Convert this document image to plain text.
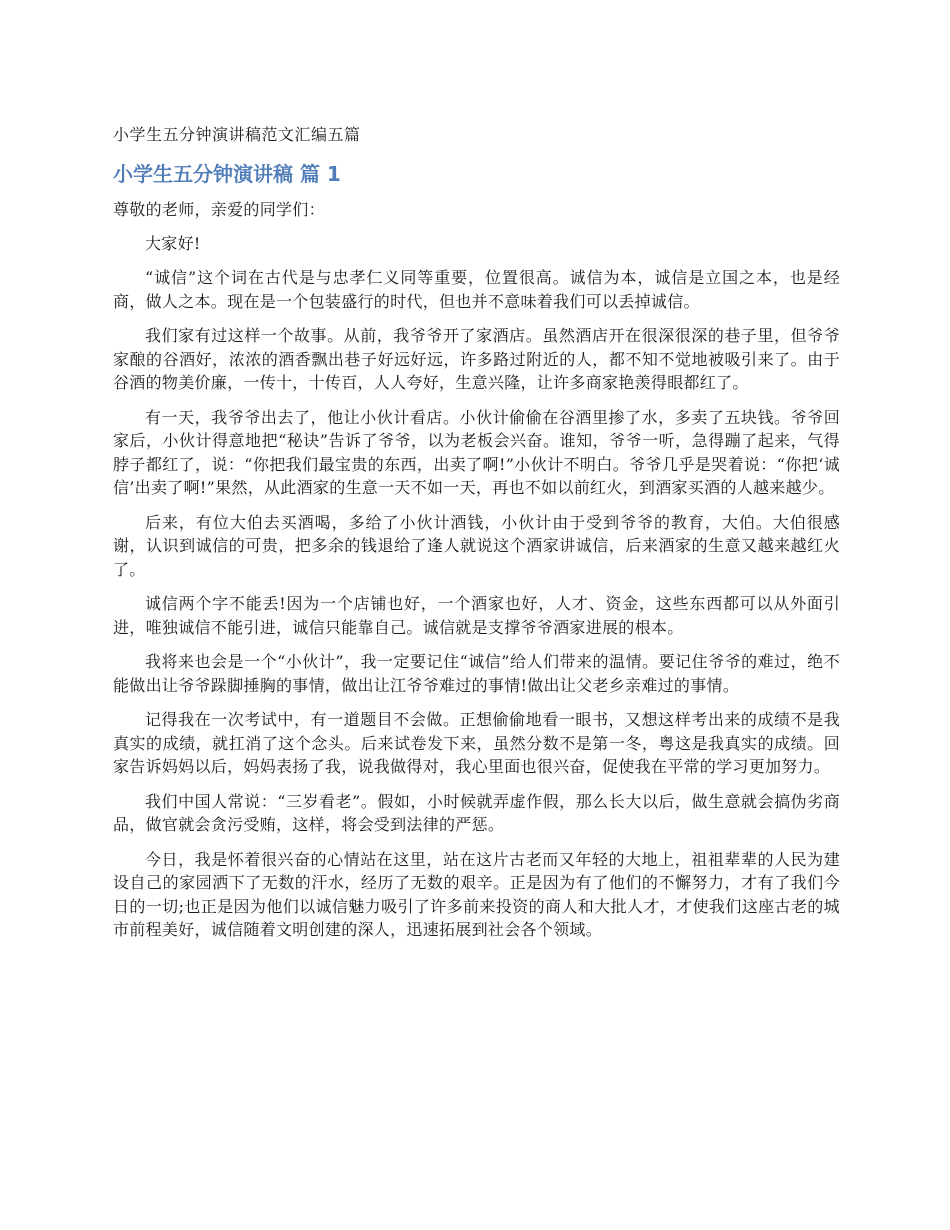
小学生五分钟演讲稿范文汇编五篇
小学生五分钟演讲稿 篇 1

尊敬的老师，亲爱的同学们：

大家好!

“诚信”这个词在古代是与忠孝仁义同等重要，位置很高。诚信为本，诚信是立国之本，也是经商，做人之本。现在是一个包装盛行的时代，但也并不意味着我们可以丢掉诚信。

我们家有过这样一个故事。从前，我爷爷开了家酒店。虽然酒店开在很深很深的巷子里，但爷爷家酿的谷酒好，浓浓的酒香飘出巷子好远好远，许多路过附近的人，都不知不觉地被吸引来了。由于谷酒的物美价廉，一传十，十传百，人人夸好，生意兴隆，让许多商家艳羡得眼都红了。

有一天，我爷爷出去了，他让小伙计看店。小伙计偷偷在谷酒里掺了水，多卖了五块钱。爷爷回家后，小伙计得意地把“秘诀”告诉了爷爷，以为老板会兴奋。谁知，爷爷一听，急得蹦了起来，气得脖子都红了，说：“你把我们最宝贵的东西，出卖了啊!”小伙计不明白。爷爷几乎是哭着说：“你把‘诚信’出卖了啊!”果然，从此酒家的生意一天不如一天，再也不如以前红火，到酒家买酒的人越来越少。

后来，有位大伯去买酒喝，多给了小伙计酒钱，小伙计由于受到爷爷的教育，大伯。大伯很感谢，认识到诚信的可贵，把多余的钱退给了逢人就说这个酒家讲诚信，后来酒家的生意又越来越红火了。

诚信两个字不能丢!因为一个店铺也好，一个酒家也好，人才、资金，这些东西都可以从外面引进，唯独诚信不能引进，诚信只能靠自己。诚信就是支撑爷爷酒家进展的根本。

我将来也会是一个“小伙计”，我一定要记住“诚信”给人们带来的温情。要记住爷爷的难过，绝不能做出让爷爷跺脚捶胸的事情，做出让江爷爷难过的事情!做出让父老乡亲难过的事情。

记得我在一次考试中，有一道题目不会做。正想偷偷地看一眼书，又想这样考出来的成绩不是我真实的成绩，就扛消了这个念头。后来试卷发下来，虽然分数不是第一冬，粤这是我真实的成绩。回家告诉妈妈以后，妈妈表扬了我，说我做得对，我心里面也很兴奋，促使我在平常的学习更加努力。

我们中国人常说：“三岁看老”。假如，小时候就弄虚作假，那么长大以后，做生意就会搞伪劣商品，做官就会贪污受贿，这样，将会受到法律的严惩。

今日，我是怀着很兴奋的心情站在这里，站在这片古老而又年轻的大地上，祖祖辈辈的人民为建设自己的家园洒下了无数的汗水，经历了无数的艰辛。正是因为有了他们的不懈努力，才有了我们今日的一切;也正是因为他们以诚信魅力吸引了许多前来投资的商人和大批人才，才使我们这座古老的城市前程美好，诚信随着文明创建的深人，迅速拓展到社会各个领域。
